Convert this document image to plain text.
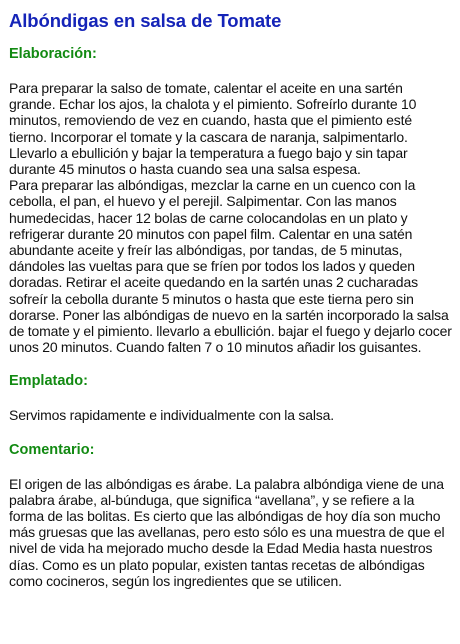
Albóndigas en salsa de Tomate
Elaboración:

Para preparar la salso de tomate, calentar el aceite en una sartén grande. Echar los ajos, la chalota y el pimiento. Sofreírlo durante 10 minutos, removiendo de vez en cuando, hasta que el pimiento esté tierno. Incorporar el tomate y la cascara de naranja, salpimentarlo. Llevarlo a ebullición y bajar la temperatura a fuego bajo y sin tapar durante 45 minutos o hasta cuando sea una salsa espesa.

Para preparar las albóndigas, mezclar la carne en un cuenco con la cebolla, el pan, el huevo y el perejil. Salpimentar. Con las manos humedecidas, hacer 12 bolas de carne colocandolas en un plato y refrigerar durante 20 minutos con papel film. Calentar en una satén abundante aceite y freír las albóndigas, por tandas, de 5 minutas, dándoles las vueltas para que se fríen por todos los lados y queden doradas. Retirar el aceite quedando en la sartén unas 2 cucharadas sofreír la cebolla durante 5 minutos o hasta que este tierna pero sin dorarse. Poner las albóndigas de nuevo en la sartén incorporado la salsa de tomate y el pimiento. llevarlo a ebullición. bajar el fuego y dejarlo cocer unos 20 minutos. Cuando falten 7 o 10 minutos añadir los guisantes.

Emplatado:

Servimos rapidamente e individualmente con la salsa.

Comentario:

El origen de las albóndigas es árabe. La palabra albóndiga viene de una palabra árabe, al-búnduga, que significa “avellana”, y se refiere a la forma de las bolitas. Es cierto que las albóndigas de hoy día son mucho más gruesas que las avellanas, pero esto sólo es una muestra de que el nivel de vida ha mejorado mucho desde la Edad Media hasta nuestros días. Como es un plato popular, existen tantas recetas de albóndigas como cocineros, según los ingredientes que se utilicen.
